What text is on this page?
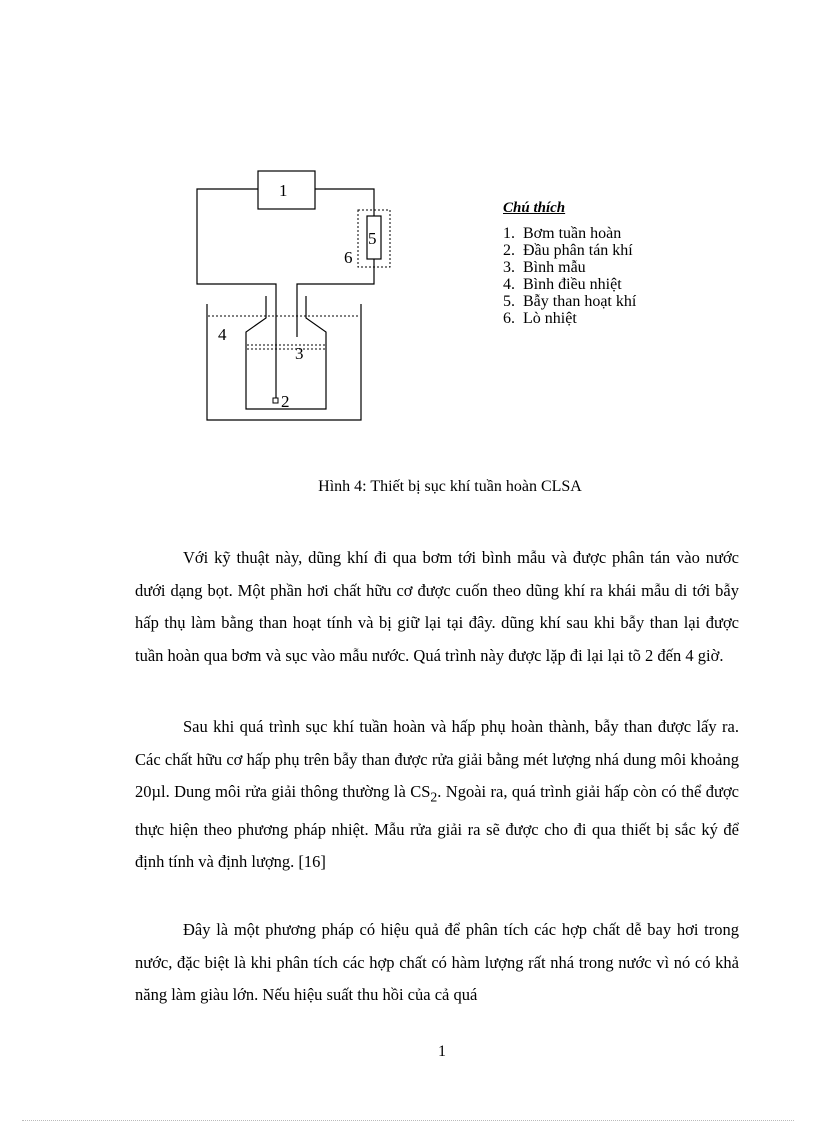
1
5
6
4
3
2
Chú thích
1. Bơm tuần hoàn
2. Đầu phân tán khí
3. Bình mẫu
4. Bình điều nhiệt
5. Bẫy than hoạt khí
6. Lò nhiệt
Hình 4: Thiết bị sục khí tuần hoàn CLSA

Với kỹ thuật này, dũng khí đi qua bơm tới bình mẫu và được phân tán vào nước dưới dạng bọt. Một phần hơi chất hữu cơ được cuốn theo dũng khí ra khái mẫu di tới bẫy hấp thụ làm bằng than hoạt tính và bị giữ lại tại đây. dũng khí sau khi bẫy than lại được tuần hoàn qua bơm và sục vào mẫu nước. Quá trình này được lặp đi lại lại tõ 2 đến 4 giờ.

Sau khi quá trình sục khí tuần hoàn và hấp phụ hoàn thành, bẫy than được lấy ra. Các chất hữu cơ hấp phụ trên bẫy than được rửa giải bằng mét lượng nhá dung môi khoảng 20µl. Dung môi rửa giải thông thường là $CS_2$. Ngoài ra, quá trình giải hấp còn có thể được thực hiện theo phương pháp nhiệt. Mẫu rửa giải ra sẽ được cho đi qua thiết bị sắc ký để định tính và định lượng. [16]

Đây là một phương pháp có hiệu quả để phân tích các hợp chất dễ bay hơi trong nước, đặc biệt là khi phân tích các hợp chất có hàm lượng rất nhá trong nước vì nó có khả năng làm giàu lớn. Nếu hiệu suất thu hồi của cả quá

1
